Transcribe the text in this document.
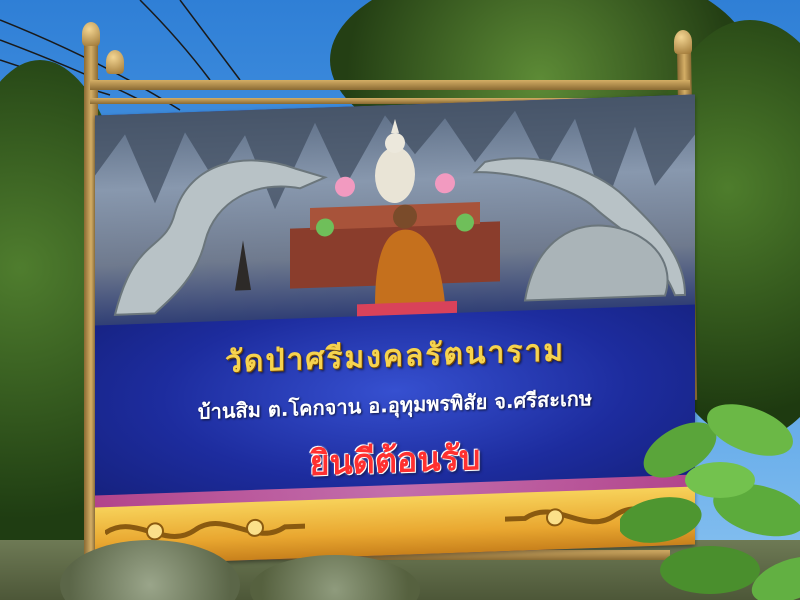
วัดป่าศรีมงคลรัตนาราม
บ้านสิม ต.โคกจาน อ.อุทุมพรพิสัย จ.ศรีสะเกษ
ยินดีต้อนรับ
